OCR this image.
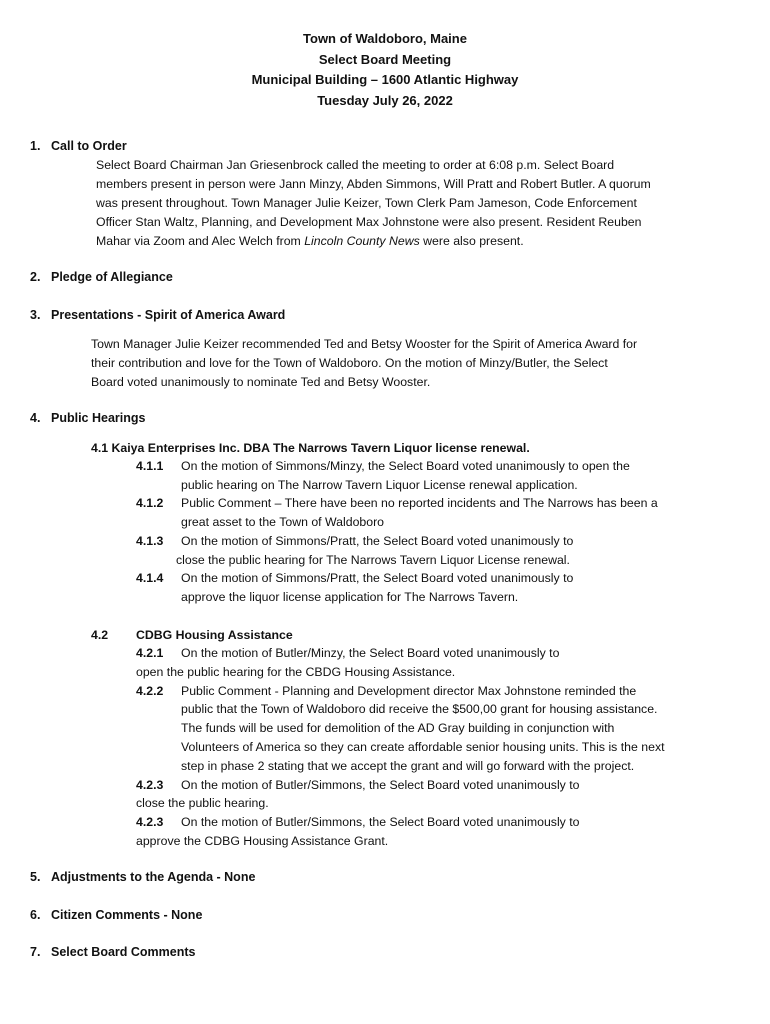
Town of Waldoboro, Maine
Select Board Meeting
Municipal Building – 1600 Atlantic Highway
Tuesday July 26, 2022
1. Call to Order
Select Board Chairman Jan Griesenbrock called the meeting to order at 6:08 p.m. Select Board
members present in person were Jann Minzy, Abden Simmons, Will Pratt and Robert Butler. A quorum
was present throughout. Town Manager Julie Keizer, Town Clerk Pam Jameson, Code Enforcement
Officer Stan Waltz, Planning, and Development Max Johnstone were also present. Resident Reuben
Mahar via Zoom and Alec Welch from Lincoln County News were also present.
2. Pledge of Allegiance
3. Presentations - Spirit of America Award
Town Manager Julie Keizer recommended Ted and Betsy Wooster for the Spirit of America Award for
their contribution and love for the Town of Waldoboro. On the motion of Minzy/Butler, the Select
Board voted unanimously to nominate Ted and Betsy Wooster.
4. Public Hearings
4.1 Kaiya Enterprises Inc. DBA The Narrows Tavern Liquor license renewal.
4.1.1 On the motion of Simmons/Minzy, the Select Board voted unanimously to open the
public hearing on The Narrow Tavern Liquor License renewal application.
4.1.2 Public Comment – There have been no reported incidents and The Narrows has been a
great asset to the Town of Waldoboro
4.1.3 On the motion of Simmons/Pratt, the Select Board voted unanimously to
close the public hearing for The Narrows Tavern Liquor License renewal.
4.1.4 On the motion of Simmons/Pratt, the Select Board voted unanimously to
approve the liquor license application for The Narrows Tavern.
4.2 CDBG Housing Assistance
4.2.1 On the motion of Butler/Minzy, the Select Board voted unanimously to
open the public hearing for the CBDG Housing Assistance.
4.2.2 Public Comment - Planning and Development director Max Johnstone reminded the
public that the Town of Waldoboro did receive the $500,00 grant for housing assistance.
The funds will be used for demolition of the AD Gray building in conjunction with
Volunteers of America so they can create affordable senior housing units. This is the next
step in phase 2 stating that we accept the grant and will go forward with the project.
4.2.3 On the motion of Butler/Simmons, the Select Board voted unanimously to
close the public hearing.
4.2.3 On the motion of Butler/Simmons, the Select Board voted unanimously to
approve the CDBG Housing Assistance Grant.
5. Adjustments to the Agenda - None
6. Citizen Comments - None
7. Select Board Comments
